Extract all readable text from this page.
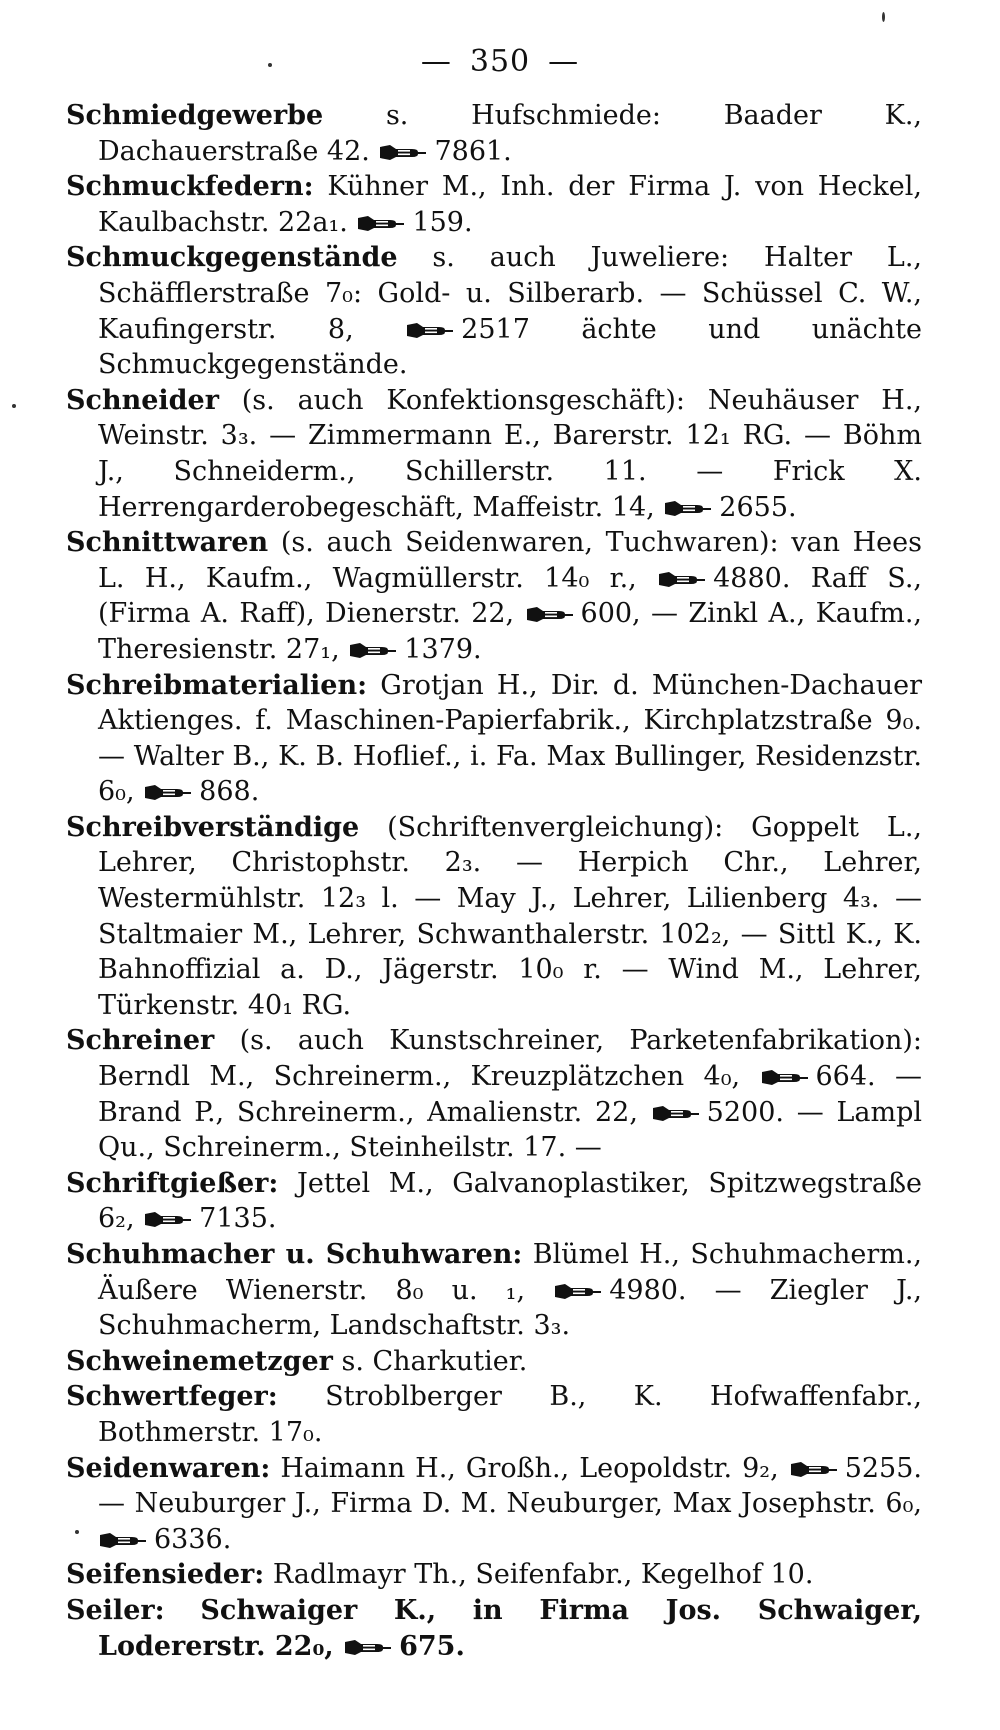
— 350 —

Schmiedgewerbe s. Hufschmiede: Baader K., Dachauerstraße 42.
7861.

Schmuckfedern: Kühner M., Inh. der Firma J. von Heckel, Kaulbachstr. 22a₁.
159.

Schmuckgegenstände s. auch Juweliere: Halter L., Schäfflerstraße 7₀: Gold- u. Silberarb. — Schüssel C. W., Kaufingerstr. 8,
2517 ächte und unächte Schmuckgegenstände.

Schneider (s. auch Konfektionsgeschäft): Neuhäuser H., Weinstr. 3₃. — Zimmermann E., Barerstr. 12₁ RG. — Böhm J., Schneiderm., Schillerstr. 11. — Frick X. Herrengarderobegeschäft, Maffeistr. 14,
2655.

Schnittwaren (s. auch Seidenwaren, Tuchwaren): van Hees L. H., Kaufm., Wagmüllerstr. 14₀ r.,
4880. Raff S., (Firma A. Raff), Dienerstr. 22,
600, — Zinkl A., Kaufm., Theresienstr. 27₁,
1379.

Schreibmaterialien: Grotjan H., Dir. d. München-Dachauer Aktienges. f. Maschinen-Papierfabrik., Kirchplatzstraße 9₀. — Walter B., K. B. Hoflief., i. Fa. Max Bullinger, Residenzstr. 6₀,
868.

Schreibverständige (Schriftenvergleichung): Goppelt L., Lehrer, Christophstr. 2₃. — Herpich Chr., Lehrer, Westermühlstr. 12₃ l. — May J., Lehrer, Lilienberg 4₃. — Staltmaier M., Lehrer, Schwanthalerstr. 102₂, — Sittl K., K. Bahnoffizial a. D., Jägerstr. 10₀ r. — Wind M., Lehrer, Türkenstr. 40₁ RG.

Schreiner (s. auch Kunstschreiner, Parketenfabrikation): Berndl M., Schreinerm., Kreuzplätzchen 4₀,
664. — Brand P., Schreinerm., Amalienstr. 22,
5200. — Lampl Qu., Schreinerm., Steinheilstr. 17. —

Schriftgießer: Jettel M., Galvanoplastiker, Spitzwegstraße 6₂,
7135.

Schuhmacher u. Schuhwaren: Blümel H., Schuhmacherm., Äußere Wienerstr. 8₀ u. ₁,
4980. — Ziegler J., Schuhmacherm, Landschaftstr. 3₃.

Schweinemetzger s. Charkutier.

Schwertfeger: Stroblberger B., K. Hofwaffenfabr., Bothmerstr. 17₀.

Seidenwaren: Haimann H., Großh., Leopoldstr. 9₂,
5255. — Neuburger J., Firma D. M. Neuburger, Max Josephstr. 6₀,
6336.

Seifensieder: Radlmayr Th., Seifenfabr., Kegelhof 10.

Seiler: Schwaiger K., in Firma Jos. Schwaiger, Lodererstr. 22₀,
675.
